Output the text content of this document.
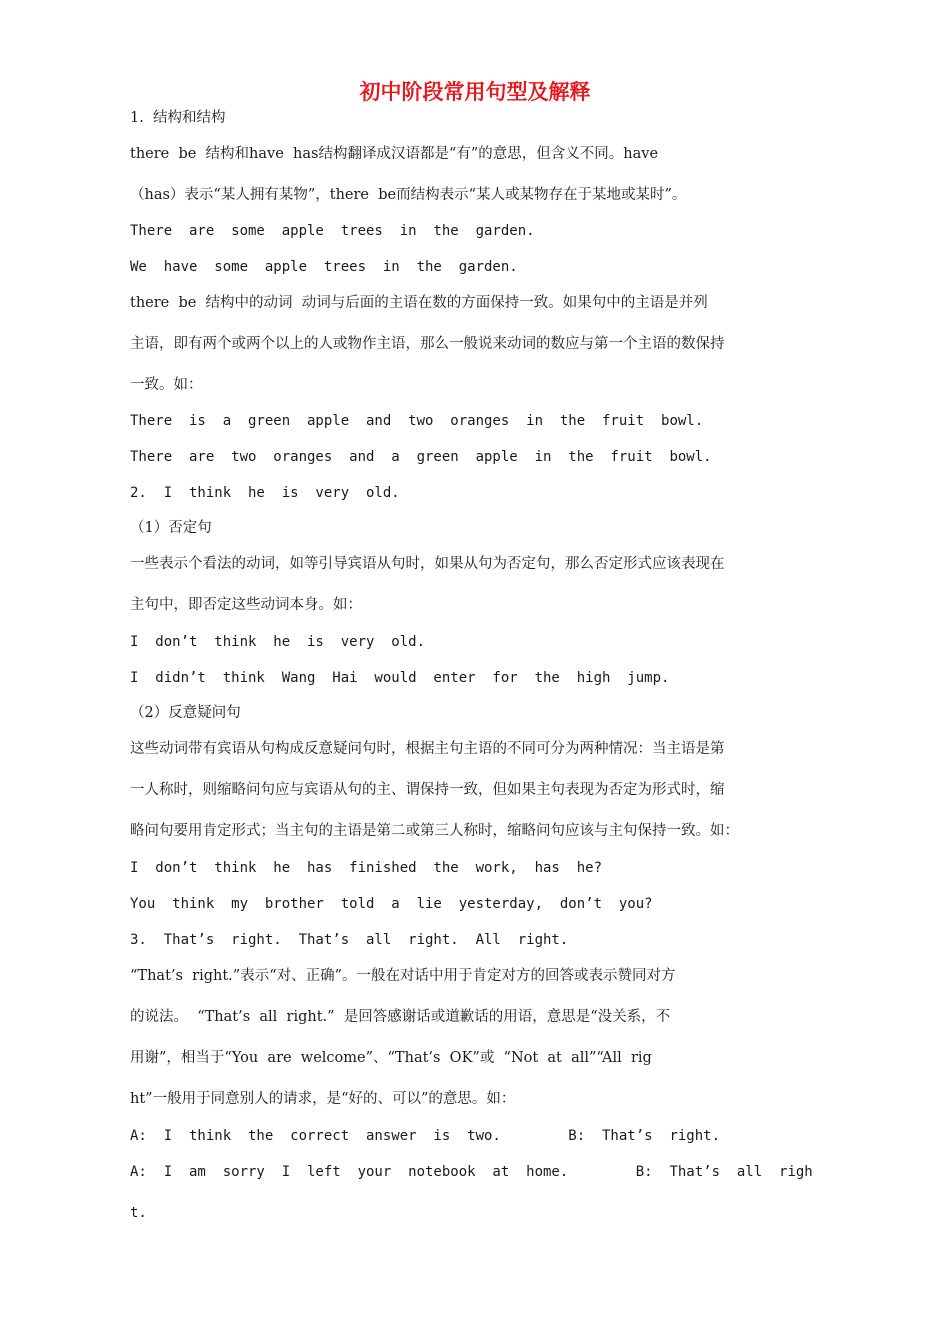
初中阶段常用句型及解释
1.  结构和结构
there  be  结构和have  has结构翻译成汉语都是“有”的意思，但含义不同。have
（has）表示“某人拥有某物”，there  be而结构表示“某人或某物存在于某地或某时”。
There  are  some  apple  trees  in  the  garden.
We  have  some  apple  trees  in  the  garden.
there  be  结构中的动词  动词与后面的主语在数的方面保持一致。如果句中的主语是并列
主语，即有两个或两个以上的人或物作主语，那么一般说来动词的数应与第一个主语的数保持
一致。如：
There  is  a  green  apple  and  two  oranges  in  the  fruit  bowl.
There  are  two  oranges  and  a  green  apple  in  the  fruit  bowl.
2.  I  think  he  is  very  old.
（1）否定句
一些表示个看法的动词，如等引导宾语从句时，如果从句为否定句，那么否定形式应该表现在
主句中，即否定这些动词本身。如：
I  don’t  think  he  is  very  old.
I  didn’t  think  Wang  Hai  would  enter  for  the  high  jump.
（2）反意疑问句
这些动词带有宾语从句构成反意疑问句时，根据主句主语的不同可分为两种情况：当主语是第
一人称时，则缩略问句应与宾语从句的主、谓保持一致，但如果主句表现为否定为形式时，缩
略问句要用肯定形式；当主句的主语是第二或第三人称时，缩略问句应该与主句保持一致。如：
I  don’t  think  he  has  finished  the  work,  has  he?
You  think  my  brother  told  a  lie  yesterday,  don’t  you?
3.  That’s  right.  That’s  all  right.  All  right.
“That’s  right.”表示“对、正确”。一般在对话中用于肯定对方的回答或表示赞同对方
的说法。  “That’s  all  right.”  是回答感谢话或道歉话的用语，意思是“没关系，不
用谢”，相当于“You  are  welcome”、“That’s  OK”或  “Not  at  all”“All  rig
ht”一般用于同意别人的请求，是“好的、可以”的意思。如：
A:  I  think  the  correct  answer  is  two.        B:  That’s  right.
A:  I  am  sorry  I  left  your  notebook  at  home.        B:  That’s  all  righ
t.
